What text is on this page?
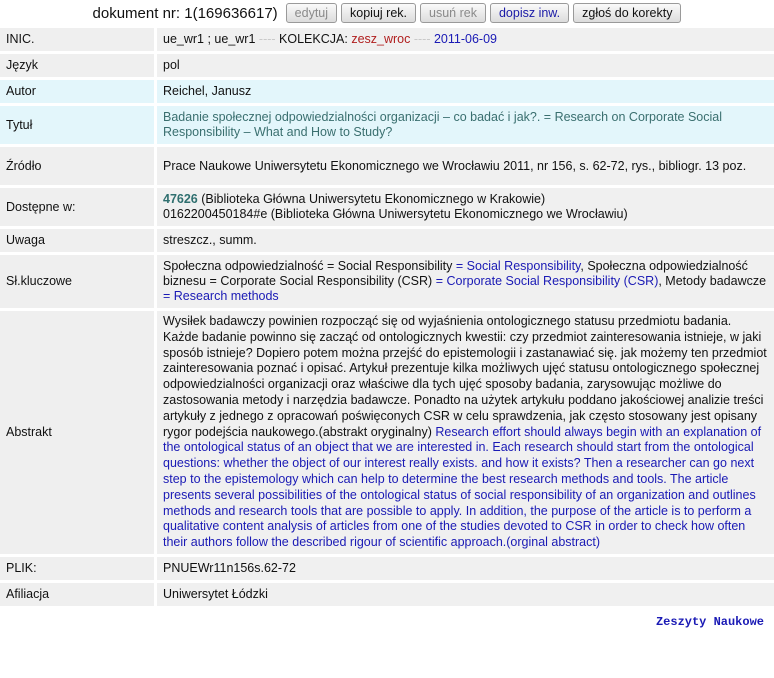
dokument nr: 1(169636617)	edytuj	kopiuj rek.	usuń rek	dopisz inw.	zgłoś do korekty
INIC.	ue_wr1 ; ue_wr1 ---- KOLEKCJA: zesz_wroc ---- 2011-06-09
Język	pol
Autor	Reichel, Janusz
Tytuł	Badanie społecznej odpowiedzialności organizacji – co badać i jak?. = Research on Corporate Social Responsibility – What and How to Study?
Źródło	Prace Naukowe Uniwersytetu Ekonomicznego we Wrocławiu 2011, nr 156, s. 62-72, rys., bibliogr. 13 poz.
Dostępne w:	47626 (Biblioteka Główna Uniwersytetu Ekonomicznego w Krakowie)
0162200450184#e (Biblioteka Główna Uniwersytetu Ekonomicznego we Wrocławiu)
Uwaga	streszcz., summ.
Sł.kluczowe	Społeczna odpowiedzialność = Social Responsibility = Social Responsibility, Społeczna odpowiedzialność biznesu = Corporate Social Responsibility (CSR) = Corporate Social Responsibility (CSR), Metody badawcze = Research methods
Abstrakt	Wysiłek badawczy powinien rozpocząć się od wyjaśnienia ontologicznego statusu przedmiotu badania. Każde badanie powinno się zacząć od ontologicznych kwestii: czy przedmiot zainteresowania istnieje, w jaki sposób istnieje? Dopiero potem można przejść do epistemologii i zastanawiać się. jak możemy ten przedmiot zainteresowania poznać i opisać. Artykuł prezentuje kilka możliwych ujęć statusu ontologicznego społecznej odpowiedzialności organizacji oraz właściwe dla tych ujęć sposoby badania, zarysowując możliwe do zastosowania metody i narzędzia badawcze. Ponadto na użytek artykułu poddano jakościowej analizie treści artykuły z jednego z opracowań poświęconych CSR w celu sprawdzenia, jak często stosowany jest opisany rygor podejścia naukowego.(abstrakt oryginalny) Research effort should always begin with an explanation of the ontological status of an object that we are interested in. Each research should start from the ontological questions: whether the object of our interest really exists. and how it exists? Then a researcher can go next step to the epistemology which can help to determine the best research methods and tools. The article presents several possibilities of the ontological status of social responsibility of an organization and outlines methods and research tools that are possible to apply. In addition, the purpose of the article is to perform a qualitative content analysis of articles from one of the studies devoted to CSR in order to check how often their authors follow the described rigour of scientific approach.(orginal abstract)
PLIK:	PNUEWr11n156s.62-72
Afiliacja	Uniwersytet Łódzki
Zeszyty Naukowe
